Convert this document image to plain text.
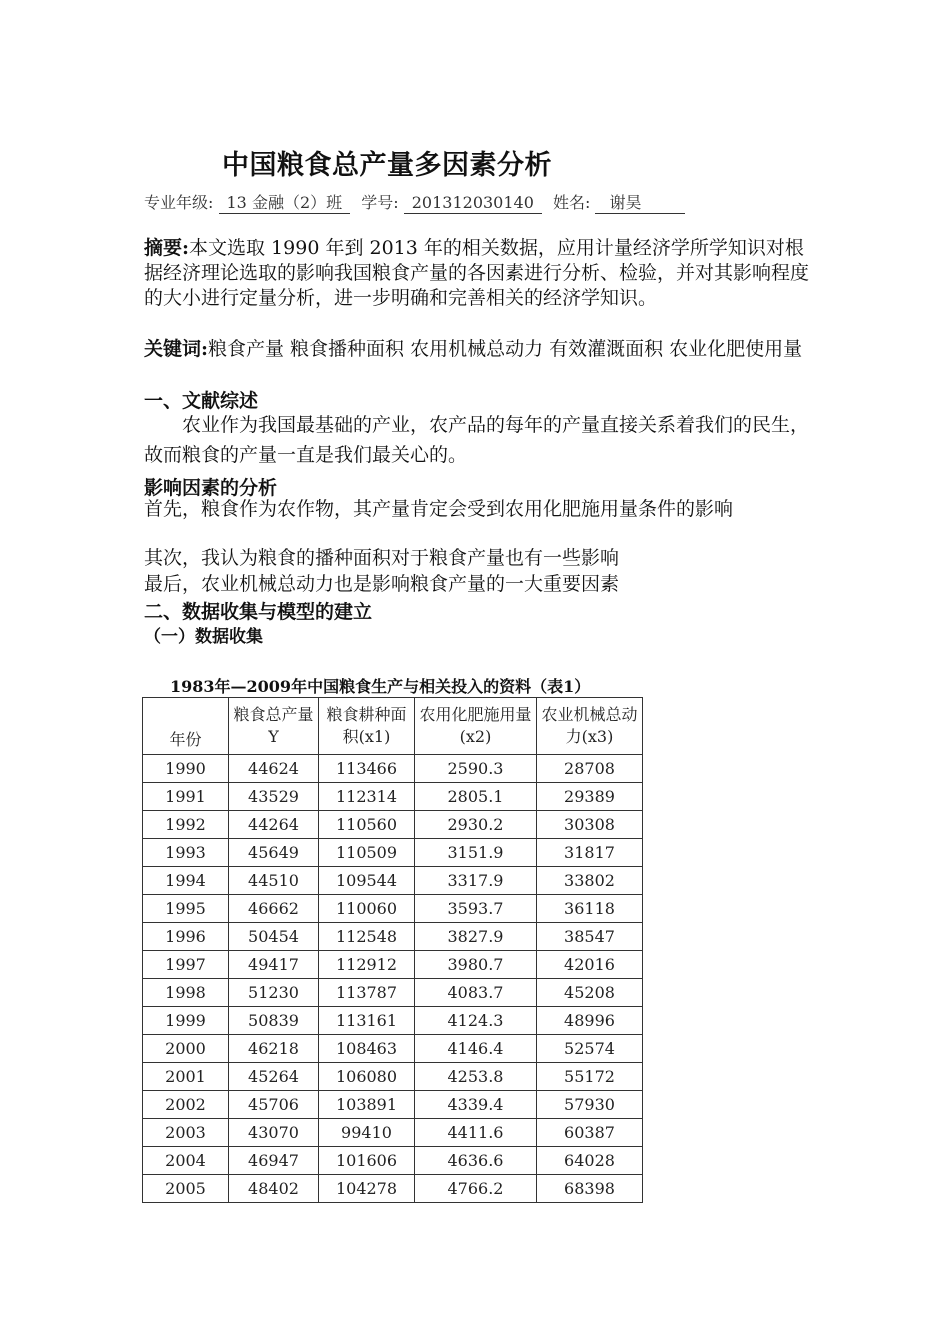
中国粮食总产量多因素分析
专业年级: 13 金融（2）班 学号: 201312030140 姓名: 谢昊
摘要:本文选取 1990 年到 2013 年的相关数据，应用计量经济学所学知识对根据经济理论选取的影响我国粮食产量的各因素进行分析、检验，并对其影响程度的大小进行定量分析，进一步明确和完善相关的经济学知识。
关键词:粮食产量 粮食播种面积 农用机械总动力 有效灌溉面积 农业化肥使用量
一、文献综述
农业作为我国最基础的产业，农产品的每年的产量直接关系着我们的民生，故而粮食的产量一直是我们最关心的。
影响因素的分析
首先，粮食作为农作物，其产量肯定会受到农用化肥施用量条件的影响
其次，我认为粮食的播种面积对于粮食产量也有一些影响
最后，农业机械总动力也是影响粮食产量的一大重要因素
二、数据收集与模型的建立
（一）数据收集
1983年—2009年中国粮食生产与相关投入的资料（表1）
年份	粮食总产量Y	粮食耕种面积(x1)	农用化肥施用量(x2)	农业机械总动力(x3)
1990	44624	113466	2590.3	28708
1991	43529	112314	2805.1	29389
1992	44264	110560	2930.2	30308
1993	45649	110509	3151.9	31817
1994	44510	109544	3317.9	33802
1995	46662	110060	3593.7	36118
1996	50454	112548	3827.9	38547
1997	49417	112912	3980.7	42016
1998	51230	113787	4083.7	45208
1999	50839	113161	4124.3	48996
2000	46218	108463	4146.4	52574
2001	45264	106080	4253.8	55172
2002	45706	103891	4339.4	57930
2003	43070	99410	4411.6	60387
2004	46947	101606	4636.6	64028
2005	48402	104278	4766.2	68398
